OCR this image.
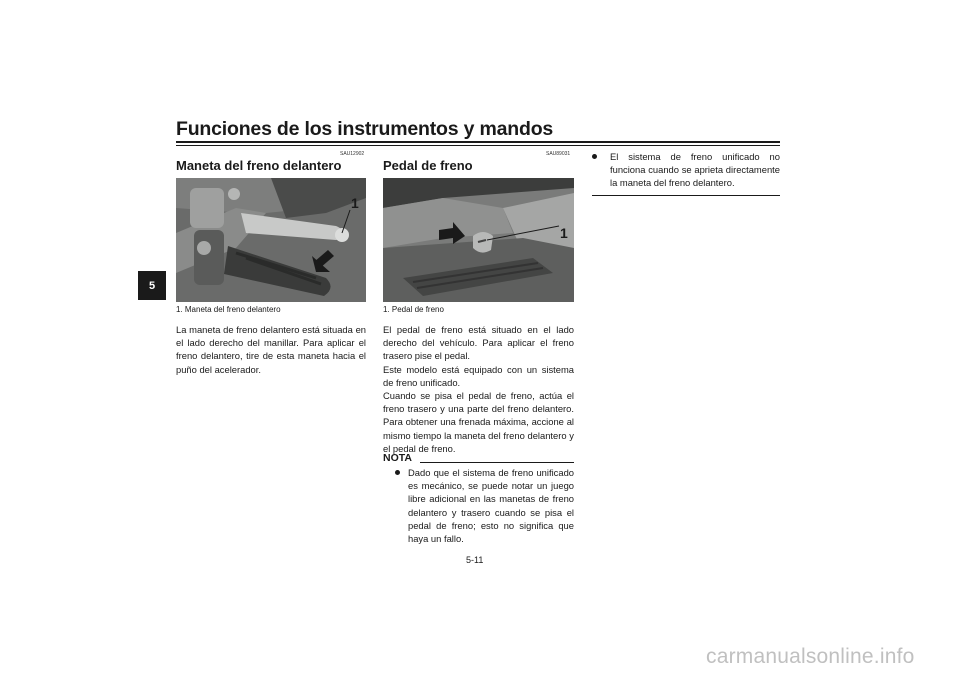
Funciones de los instrumentos y mandos
5
SAU12902
Maneta del freno delantero
1
1. Maneta del freno delantero
La maneta de freno delantero está situada en el lado derecho del manillar. Para aplicar el freno delantero, tire de esta maneta hacia el puño del acelerador.
SAU89031
Pedal de freno
1
1. Pedal de freno
El pedal de freno está situado en el lado derecho del vehículo. Para aplicar el freno trasero pise el pedal.
Este modelo está equipado con un sistema de freno unificado.
Cuando se pisa el pedal de freno, actúa el freno trasero y una parte del freno delantero. Para obtener una frenada máxima, accione al mismo tiempo la maneta del freno delantero y el pedal de freno.
NOTA
Dado que el sistema de freno unificado es mecánico, se puede notar un juego libre adicional en las manetas de freno delantero y trasero cuando se pisa el pedal de freno; esto no significa que haya un fallo.
El sistema de freno unificado no funciona cuando se aprieta directamente la maneta del freno delantero.
5-11
carmanualsonline.info
